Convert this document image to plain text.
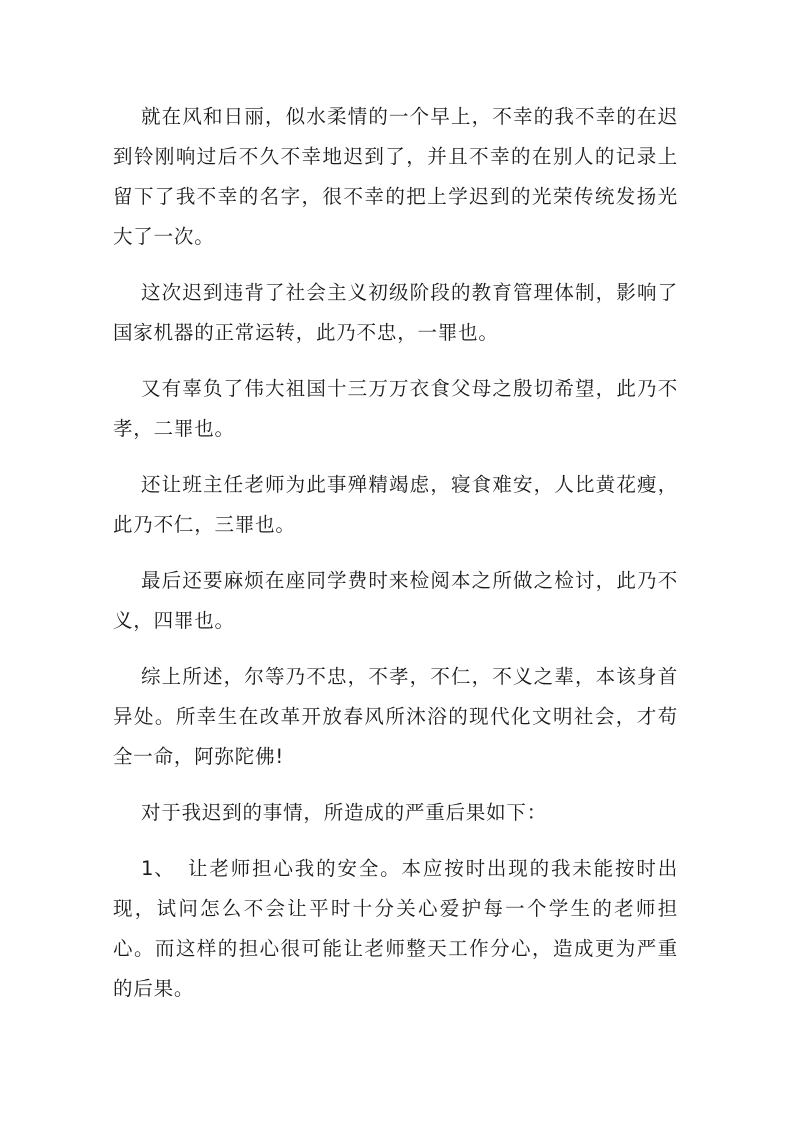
就在风和日丽，似水柔情的一个早上，不幸的我不幸的在迟到铃刚响过后不久不幸地迟到了，并且不幸的在别人的记录上留下了我不幸的名字，很不幸的把上学迟到的光荣传统发扬光大了一次。

这次迟到违背了社会主义初级阶段的教育管理体制，影响了国家机器的正常运转，此乃不忠，一罪也。

又有辜负了伟大祖国十三万万衣食父母之殷切希望，此乃不孝，二罪也。

还让班主任老师为此事殚精竭虑，寝食难安，人比黄花瘦，此乃不仁，三罪也。

最后还要麻烦在座同学费时来检阅本之所做之检讨，此乃不义，四罪也。

综上所述，尔等乃不忠，不孝，不仁，不义之辈，本该身首异处。所幸生在改革开放春风所沐浴的现代化文明社会，才苟全一命，阿弥陀佛!

对于我迟到的事情，所造成的严重后果如下：

1、 让老师担心我的安全。本应按时出现的我未能按时出现，试问怎么不会让平时十分关心爱护每一个学生的老师担心。而这样的担心很可能让老师整天工作分心，造成更为严重的后果。
